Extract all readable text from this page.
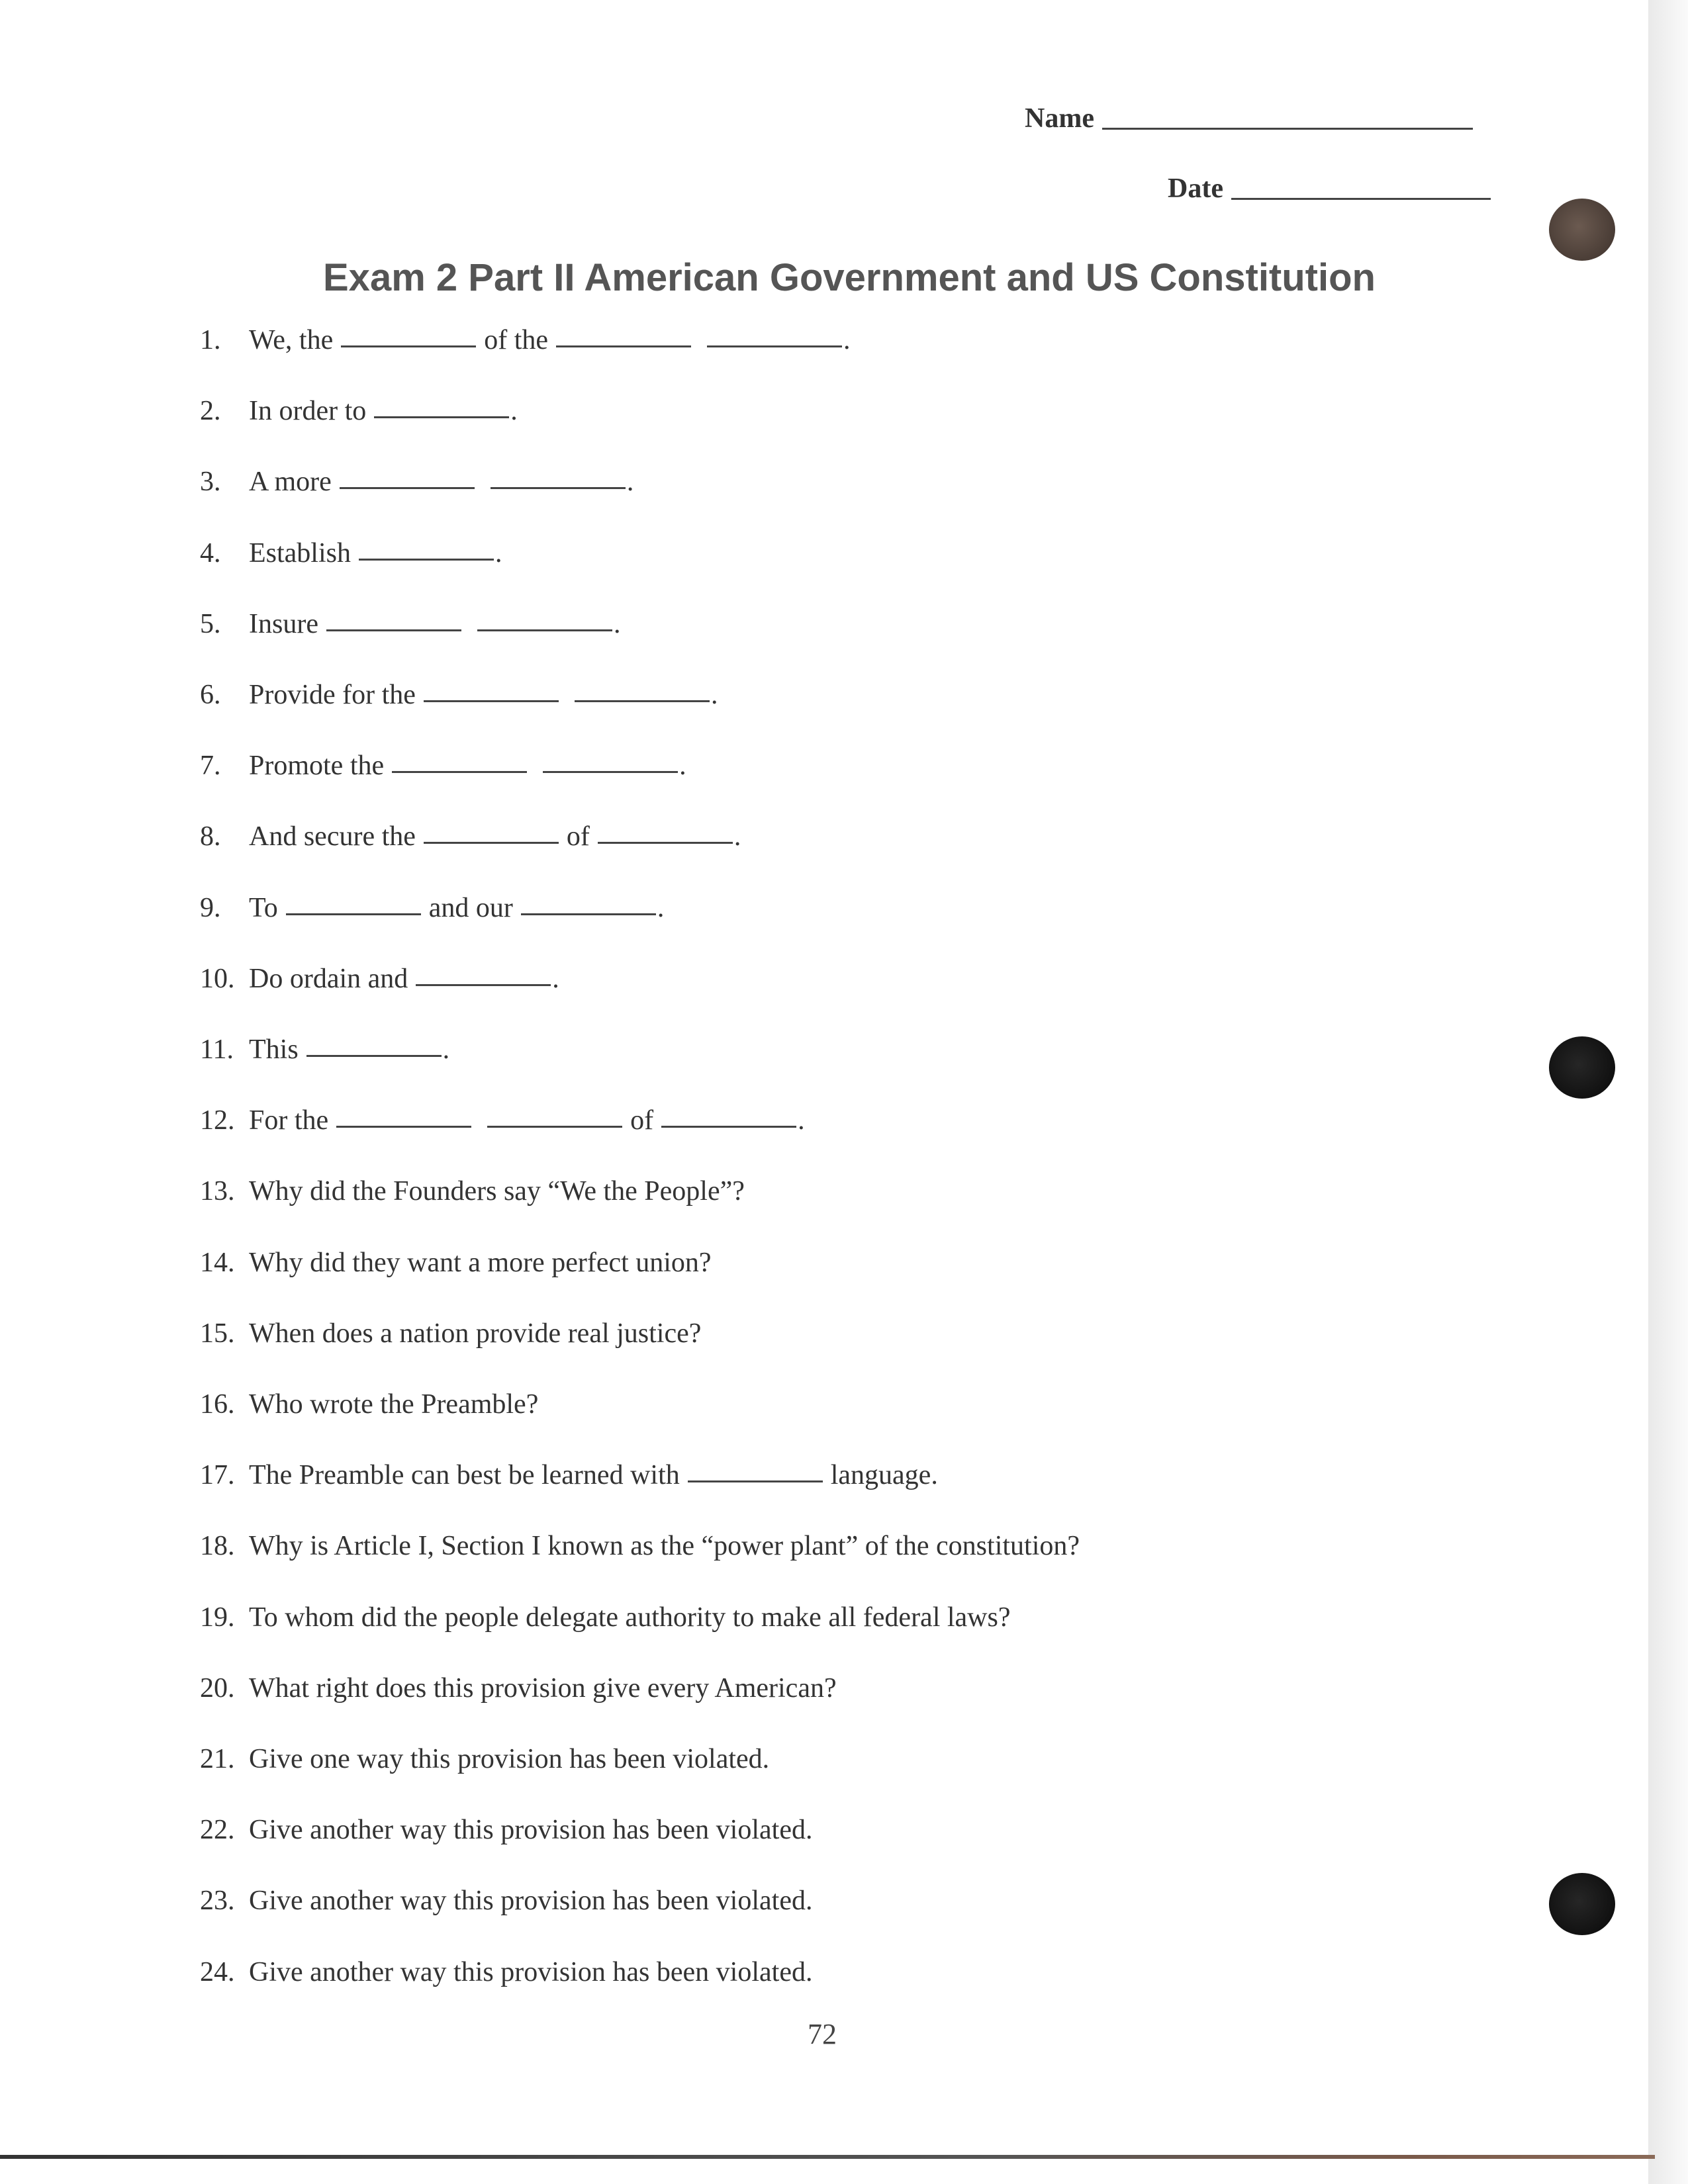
Name
Date
Exam 2 Part II American Government and US Constitution
1.	We, the	of the	.
2.	In order to	.
3.	A more	.
4.	Establish	.
5.	Insure	.
6.	Provide for the	.
7.	Promote the	.
8.	And secure the	of	.
9.	To	and our	.
10. Do ordain and	.
11. This	.
12. For the	of	.
13. Why did the Founders say “We the People”?
14. Why did they want a more perfect union?
15. When does a nation provide real justice?
16. Who wrote the Preamble?
17. The Preamble can best be learned with	language.
18. Why is Article I, Section I known as the “power plant” of the constitution?
19. To whom did the people delegate authority to make all federal laws?
20. What right does this provision give every American?
21. Give one way this provision has been violated.
22. Give another way this provision has been violated.
23. Give another way this provision has been violated.
24. Give another way this provision has been violated.
72
